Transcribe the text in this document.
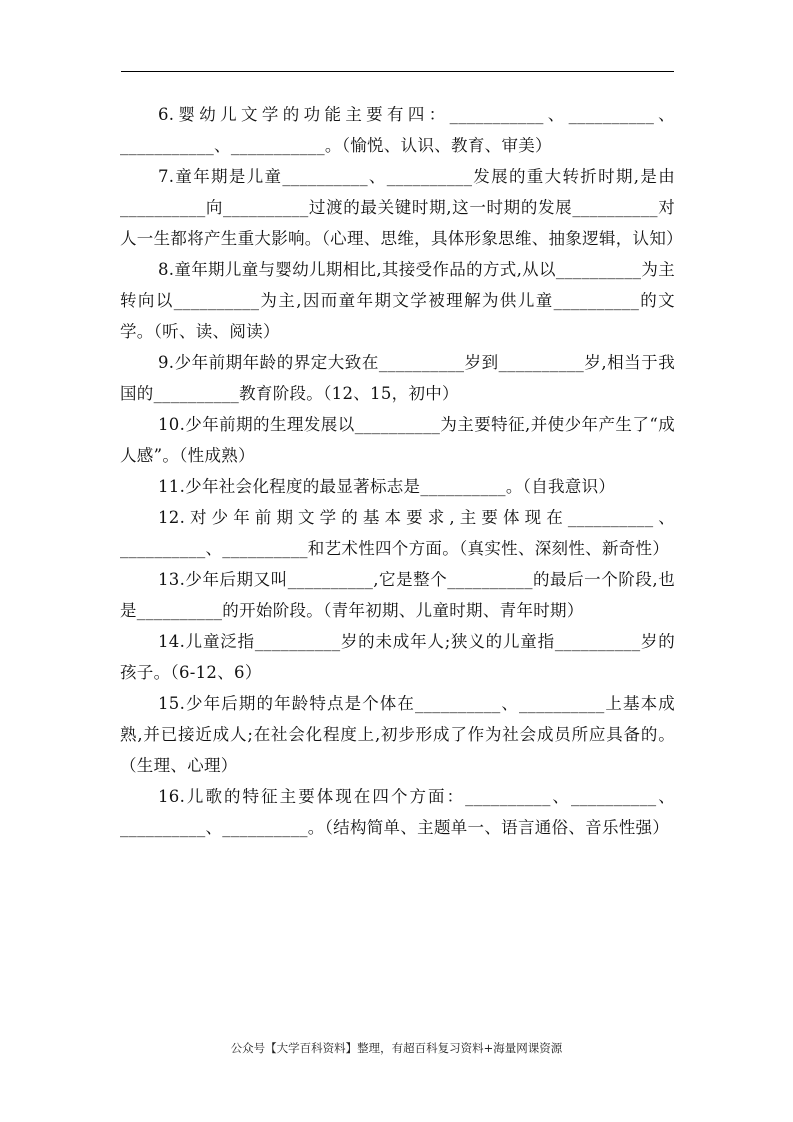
6.婴幼儿文学的功能主要有四：___________、__________、___________、___________。（愉悦、认识、教育、审美）

7.童年期是儿童__________、__________发展的重大转折时期,是由__________向__________过渡的最关键时期,这一时期的发展__________对人一生都将产生重大影响。（心理、思维，具体形象思维、抽象逻辑，认知）

8.童年期儿童与婴幼儿期相比,其接受作品的方式,从以__________为主转向以__________为主,因而童年期文学被理解为供儿童__________的文学。（听、读、阅读）

9.少年前期年龄的界定大致在__________岁到__________岁,相当于我国的__________教育阶段。（12、15，初中）

10.少年前期的生理发展以__________为主要特征,并使少年产生了“成人感”。（性成熟）

11.少年社会化程度的最显著标志是__________。（自我意识）

12.对少年前期文学的基本要求,主要体现在__________、__________、__________和艺术性四个方面。（真实性、深刻性、新奇性）

13.少年后期又叫__________,它是整个__________的最后一个阶段,也是__________的开始阶段。（青年初期、儿童时期、青年时期）

14.儿童泛指__________岁的未成年人;狭义的儿童指__________岁的孩子。（6-12、6）

15.少年后期的年龄特点是个体在__________、__________上基本成熟,并已接近成人;在社会化程度上,初步形成了作为社会成员所应具备的。（生理、心理）

16.儿歌的特征主要体现在四个方面：__________、__________、__________、__________。（结构简单、主题单一、语言通俗、音乐性强）

公众号【大学百科资料】整理，有超百科复习资料+海量网课资源
